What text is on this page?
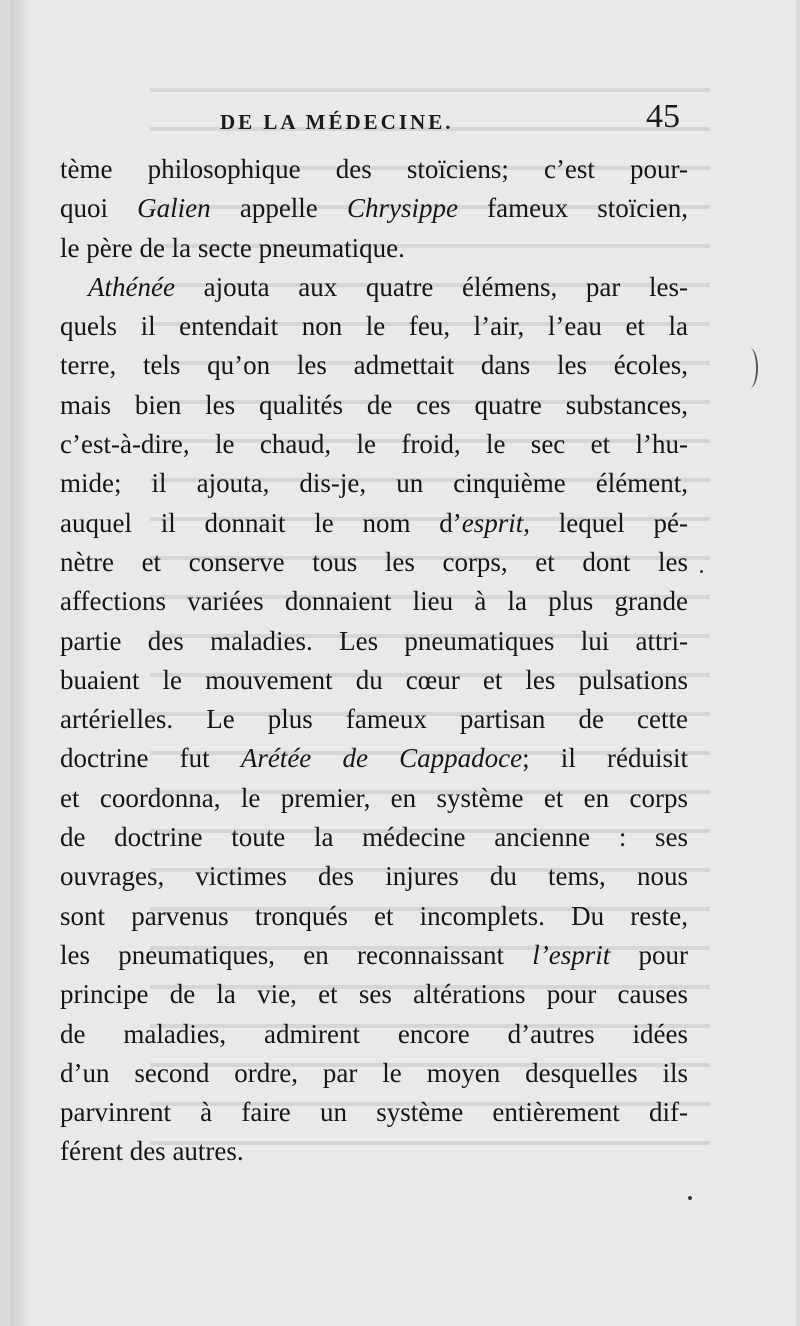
DE LA MÉDECINE.	45
tème philosophique des stoïciens; c’est pour-
quoi Galien appelle Chrysippe fameux stoïcien,
le père de la secte pneumatique.
Athénée ajouta aux quatre élémens, par les-
quels il entendait non le feu, l’air, l’eau et la
terre, tels qu’on les admettait dans les écoles,
mais bien les qualités de ces quatre substances,
c’est-à-dire, le chaud, le froid, le sec et l’hu-
mide; il ajouta, dis-je, un cinquième élément,
auquel il donnait le nom d’esprit, lequel pé-
nètre et conserve tous les corps, et dont les
affections variées donnaient lieu à la plus grande
partie des maladies. Les pneumatiques lui attri-
buaient le mouvement du cœur et les pulsations
artérielles. Le plus fameux partisan de cette
doctrine fut Arétée de Cappadoce; il réduisit
et coordonna, le premier, en système et en corps
de doctrine toute la médecine ancienne : ses
ouvrages, victimes des injures du tems, nous
sont parvenus tronqués et incomplets. Du reste,
les pneumatiques, en reconnaissant l’esprit pour
principe de la vie, et ses altérations pour causes
de maladies, admirent encore d’autres idées
d’un second ordre, par le moyen desquelles ils
parvinrent à faire un système entièrement dif-
férent des autres.
